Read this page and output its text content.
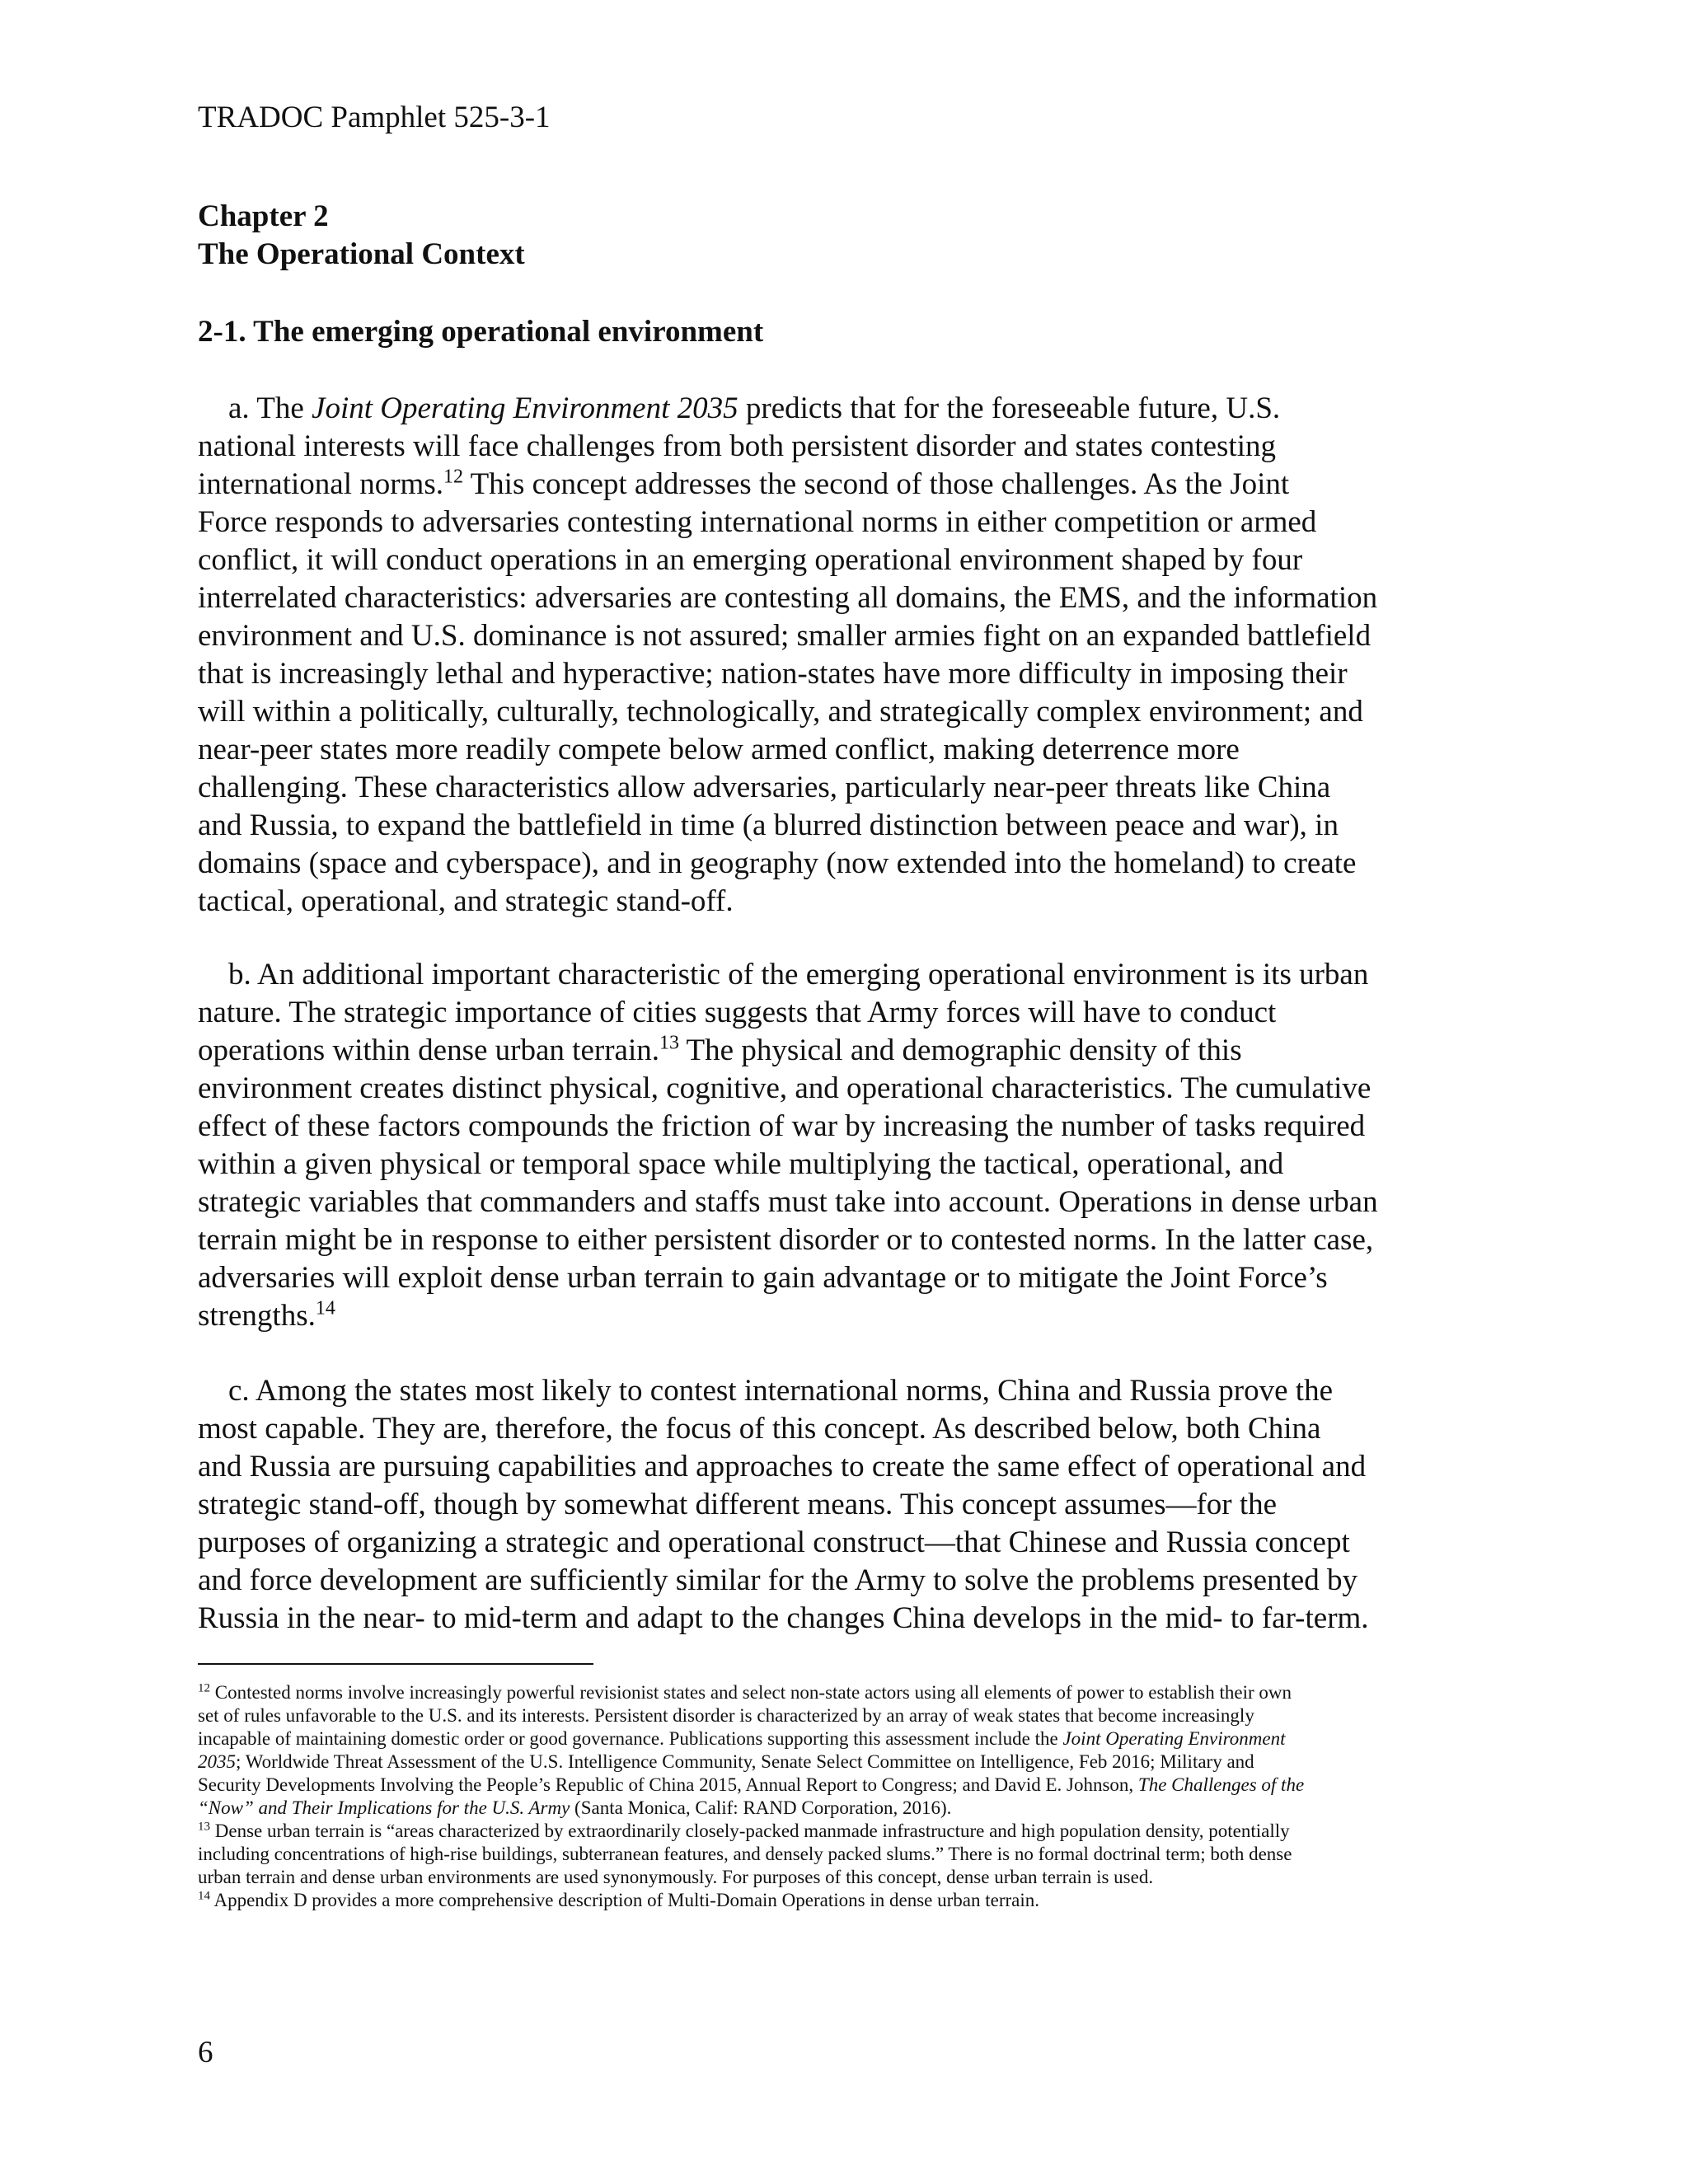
TRADOC Pamphlet 525-3-1
Chapter 2
The Operational Context
2-1. The emerging operational environment
a. The Joint Operating Environment 2035 predicts that for the foreseeable future, U.S.
national interests will face challenges from both persistent disorder and states contesting
international norms.$^{12}$ This concept addresses the second of those challenges. As the Joint
Force responds to adversaries contesting international norms in either competition or armed
conflict, it will conduct operations in an emerging operational environment shaped by four
interrelated characteristics: adversaries are contesting all domains, the EMS, and the information
environment and U.S. dominance is not assured; smaller armies fight on an expanded battlefield
that is increasingly lethal and hyperactive; nation-states have more difficulty in imposing their
will within a politically, culturally, technologically, and strategically complex environment; and
near-peer states more readily compete below armed conflict, making deterrence more
challenging. These characteristics allow adversaries, particularly near-peer threats like China
and Russia, to expand the battlefield in time (a blurred distinction between peace and war), in
domains (space and cyberspace), and in geography (now extended into the homeland) to create
tactical, operational, and strategic stand-off.
b. An additional important characteristic of the emerging operational environment is its urban
nature. The strategic importance of cities suggests that Army forces will have to conduct
operations within dense urban terrain.$^{13}$ The physical and demographic density of this
environment creates distinct physical, cognitive, and operational characteristics. The cumulative
effect of these factors compounds the friction of war by increasing the number of tasks required
within a given physical or temporal space while multiplying the tactical, operational, and
strategic variables that commanders and staffs must take into account. Operations in dense urban
terrain might be in response to either persistent disorder or to contested norms. In the latter case,
adversaries will exploit dense urban terrain to gain advantage or to mitigate the Joint Force’s
strengths.$^{14}$
c. Among the states most likely to contest international norms, China and Russia prove the
most capable. They are, therefore, the focus of this concept. As described below, both China
and Russia are pursuing capabilities and approaches to create the same effect of operational and
strategic stand-off, though by somewhat different means. This concept assumes—for the
purposes of organizing a strategic and operational construct—that Chinese and Russia concept
and force development are sufficiently similar for the Army to solve the problems presented by
Russia in the near- to mid-term and adapt to the changes China develops in the mid- to far-term.
$^{12}$ Contested norms involve increasingly powerful revisionist states and select non-state actors using all elements of power to establish their own
set of rules unfavorable to the U.S. and its interests. Persistent disorder is characterized by an array of weak states that become increasingly
incapable of maintaining domestic order or good governance. Publications supporting this assessment include the Joint Operating Environment
2035; Worldwide Threat Assessment of the U.S. Intelligence Community, Senate Select Committee on Intelligence, Feb 2016; Military and
Security Developments Involving the People’s Republic of China 2015, Annual Report to Congress; and David E. Johnson, The Challenges of the
“Now” and Their Implications for the U.S. Army (Santa Monica, Calif: RAND Corporation, 2016).
$^{13}$ Dense urban terrain is “areas characterized by extraordinarily closely-packed manmade infrastructure and high population density, potentially
including concentrations of high-rise buildings, subterranean features, and densely packed slums.” There is no formal doctrinal term; both dense
urban terrain and dense urban environments are used synonymously. For purposes of this concept, dense urban terrain is used.
$^{14}$ Appendix D provides a more comprehensive description of Multi-Domain Operations in dense urban terrain.
6
